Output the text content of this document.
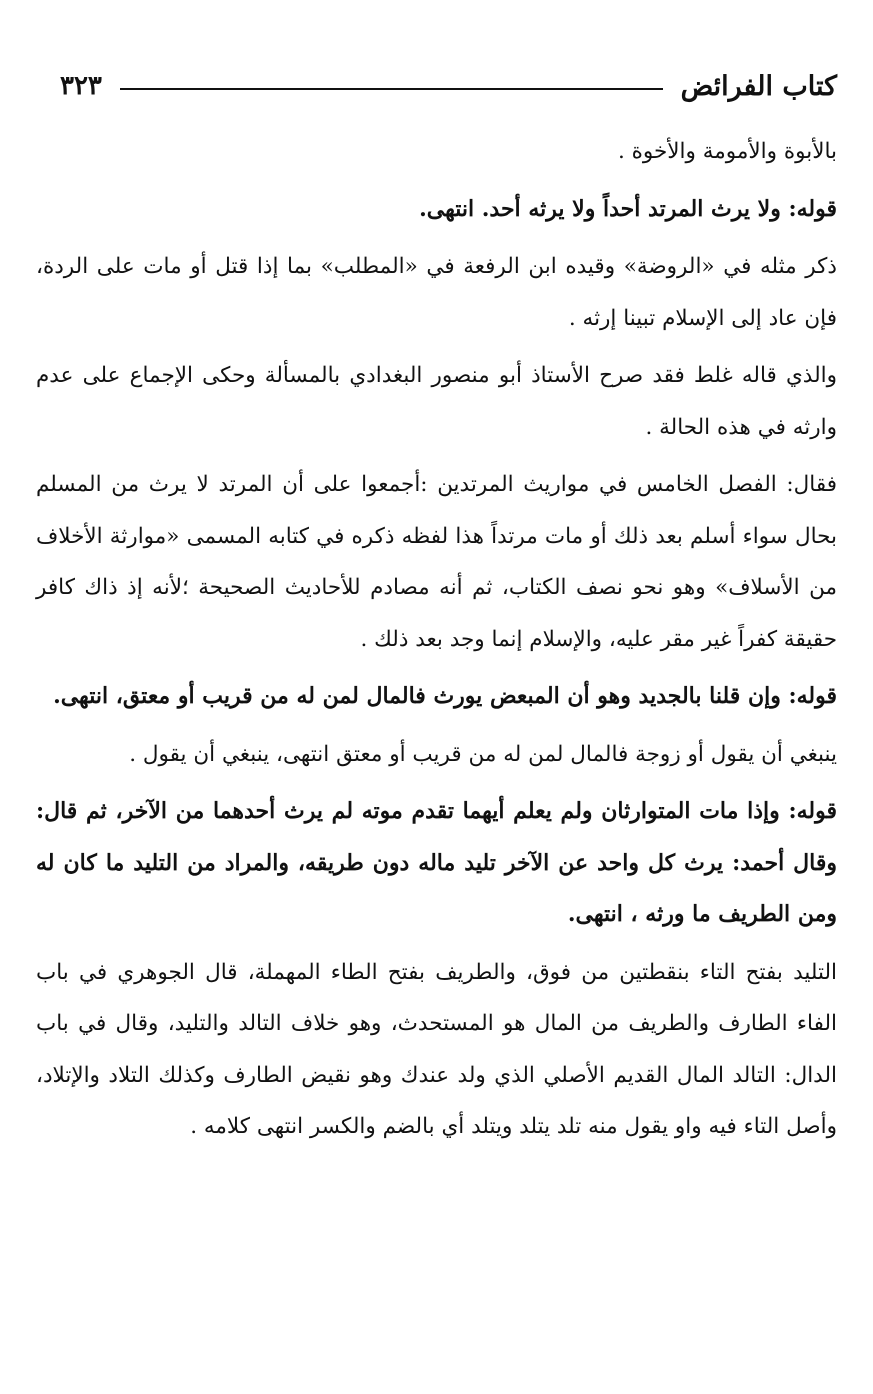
كتاب الفرائض
٣٢٣

بالأبوة والأمومة والأخوة .

قوله: ولا يرث المرتد أحداً ولا يرثه أحد. انتهى.

ذكر مثله في «الروضة» وقيده ابن الرفعة في «المطلب» بما إذا قتل أو مات على الردة، فإن عاد إلى الإسلام تبينا إرثه .

والذي قاله غلط فقد صرح الأستاذ أبو منصور البغدادي بالمسألة وحكى الإجماع على عدم وارثه في هذه الحالة .

فقال: الفصل الخامس في مواريث المرتدين :أجمعوا على أن المرتد لا يرث من المسلم بحال سواء أسلم بعد ذلك أو مات مرتداً هذا لفظه ذكره في كتابه المسمى «موارثة الأخلاف من الأسلاف» وهو نحو نصف الكتاب، ثم أنه مصادم للأحاديث الصحيحة ؛لأنه إذ ذاك كافر حقيقة كفراً غير مقر عليه، والإسلام إنما وجد بعد ذلك .

قوله: وإن قلنا بالجديد وهو أن المبعض يورث فالمال لمن له من قريب أو معتق، انتهى.

ينبغي أن يقول أو زوجة فالمال لمن له من قريب أو معتق انتهى، ينبغي أن يقول .

قوله: وإذا مات المتوارثان ولم يعلم أيهما تقدم موته لم يرث أحدهما من الآخر، ثم قال: وقال أحمد: يرث كل واحد عن الآخر تليد ماله دون طريقه، والمراد من التليد ما كان له ومن الطريف ما ورثه ، انتهى.

التليد بفتح التاء بنقطتين من فوق، والطريف بفتح الطاء المهملة، قال الجوهري في باب الفاء الطارف والطريف من المال هو المستحدث، وهو خلاف التالد والتليد، وقال في باب الدال: التالد المال القديم الأصلي الذي ولد عندك وهو نقيض الطارف وكذلك التلاد والإتلاد، وأصل التاء فيه واو يقول منه تلد يتلد ويتلد أي بالضم والكسر انتهى كلامه .
